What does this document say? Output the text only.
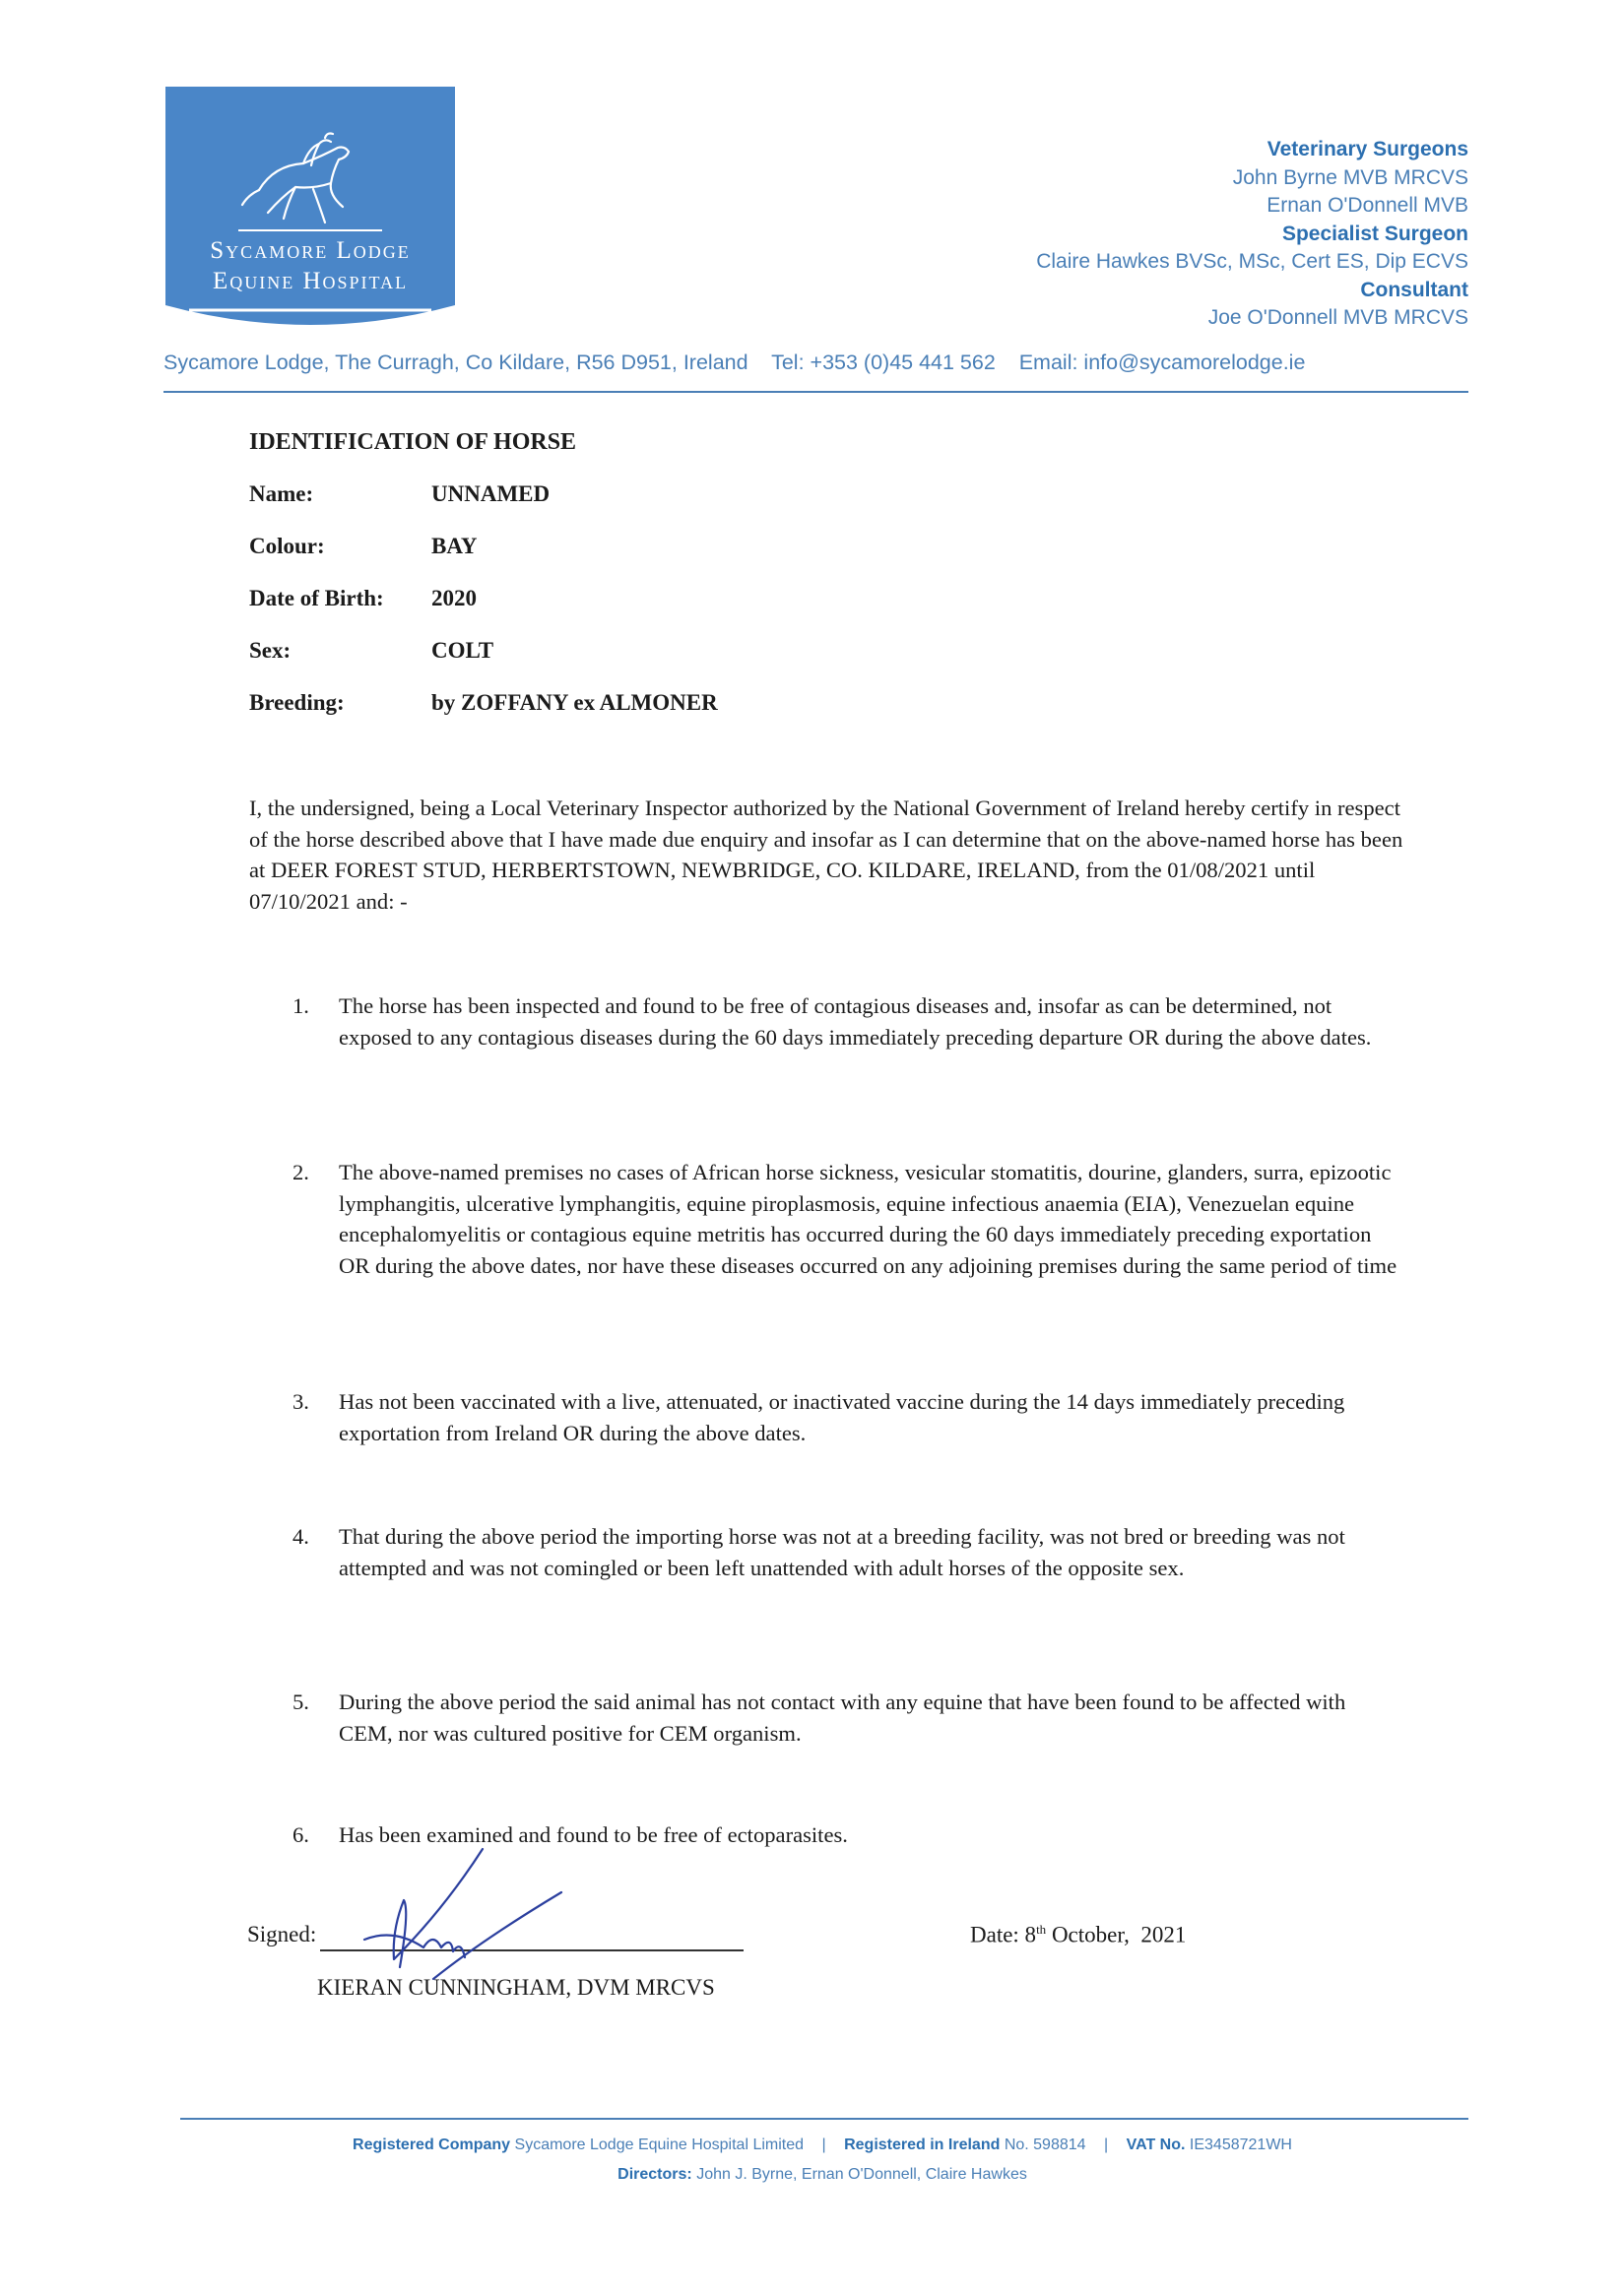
Sycamore Lodge
Equine Hospital
Veterinary Surgeons
John Byrne MVB MRCVS
Ernan O'Donnell MVB
Specialist Surgeon
Claire Hawkes BVSc, MSc, Cert ES, Dip ECVS
Consultant
Joe O'Donnell MVB MRCVS
Sycamore Lodge, The Curragh, Co Kildare, R56 D951, Ireland Tel: +353 (0)45 441 562 Email: info@sycamorelodge.ie
IDENTIFICATION OF HORSE
Name:	UNNAMED
Colour:	BAY
Date of Birth: 2020
Sex:	COLT
Breeding:	by ZOFFANY ex ALMONER
I, the undersigned, being a Local Veterinary Inspector authorized by the National Government of Ireland hereby certify in respect of the horse described above that I have made due enquiry and insofar as I can determine that on the above-named horse has been at DEER FOREST STUD, HERBERTSTOWN, NEWBRIDGE, CO. KILDARE, IRELAND, from the 01/08/2021 until 07/10/2021 and: -
1. The horse has been inspected and found to be free of contagious diseases and, insofar as can be determined, not exposed to any contagious diseases during the 60 days immediately preceding departure OR during the above dates.
2. The above-named premises no cases of African horse sickness, vesicular stomatitis, dourine, glanders, surra, epizootic lymphangitis, ulcerative lymphangitis, equine piroplasmosis, equine infectious anaemia (EIA), Venezuelan equine encephalomyelitis or contagious equine metritis has occurred during the 60 days immediately preceding exportation OR during the above dates, nor have these diseases occurred on any adjoining premises during the same period of time
3. Has not been vaccinated with a live, attenuated, or inactivated vaccine during the 14 days immediately preceding exportation from Ireland OR during the above dates.
4. That during the above period the importing horse was not at a breeding facility, was not bred or breeding was not attempted and was not comingled or been left unattended with adult horses of the opposite sex.
5. During the above period the said animal has not contact with any equine that have been found to be affected with CEM, nor was cultured positive for CEM organism.
6. Has been examined and found to be free of ectoparasites.
Signed:
KIERAN CUNNINGHAM, DVM MRCVS
Date: 8th October,  2021
Registered Company Sycamore Lodge Equine Hospital Limited | Registered in Ireland No. 598814 | VAT No. IE3458721WH
Directors: John J. Byrne, Ernan O'Donnell, Claire Hawkes
